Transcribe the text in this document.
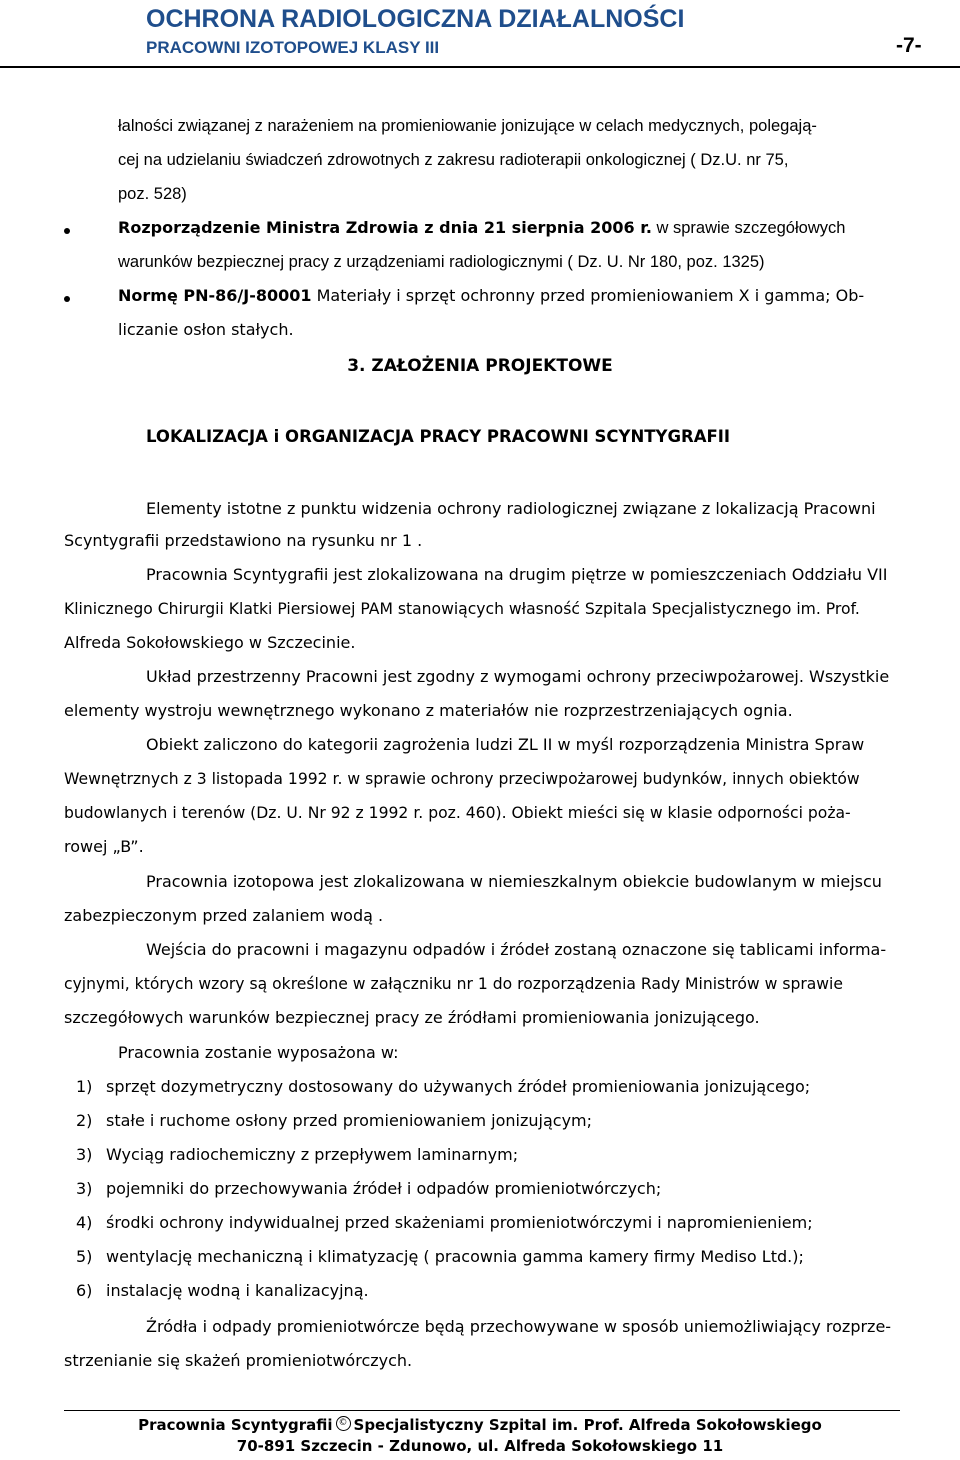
OCHRONA RADIOLOGICZNA DZIAŁALNOŚCI
PRACOWNI IZOTOPOWEJ KLASY III	-7-
łalności związanej z narażeniem na promieniowanie jonizujące w celach medycznych, polegają-
cej na udzielaniu świadczeń zdrowotnych z zakresu radioterapii onkologicznej ( Dz.U. nr 75,
poz. 528)
Rozporządzenie Ministra Zdrowia z dnia 21 sierpnia 2006 r. w sprawie szczegółowych
warunków bezpiecznej pracy z urządzeniami radiologicznymi ( Dz. U. Nr 180, poz. 1325)
Normę PN-86/J-80001 Materiały i sprzęt ochronny przed promieniowaniem X i gamma; Ob-
liczanie osłon stałych.
3. ZAŁOŻENIA PROJEKTOWE
LOKALIZACJA i ORGANIZACJA PRACY PRACOWNI SCYNTYGRAFII
Elementy istotne z punktu widzenia ochrony radiologicznej związane z lokalizacją Pracowni
Scyntygrafii przedstawiono na rysunku nr 1 .
Pracownia Scyntygrafii jest zlokalizowana na drugim piętrze w pomieszczeniach Oddziału VII
Klinicznego Chirurgii Klatki Piersiowej PAM stanowiących własność Szpitala Specjalistycznego im. Prof.
Alfreda Sokołowskiego w Szczecinie.
Układ przestrzenny Pracowni jest zgodny z wymogami ochrony przeciwpożarowej. Wszystkie
elementy wystroju wewnętrznego wykonano z materiałów nie rozprzestrzeniających ognia.
Obiekt zaliczono do kategorii zagrożenia ludzi ZL II w myśl rozporządzenia Ministra Spraw
Wewnętrznych z 3 listopada 1992 r. w sprawie ochrony przeciwpożarowej budynków, innych obiektów
budowlanych i terenów (Dz. U. Nr 92 z 1992 r. poz. 460). Obiekt mieści się w klasie odporności poża-
rowej „B”.
Pracownia izotopowa jest zlokalizowana w niemieszkalnym obiekcie budowlanym w miejscu
zabezpieczonym przed zalaniem wodą .
Wejścia do pracowni i magazynu odpadów i źródeł zostaną oznaczone się tablicami informa-
cyjnymi, których wzory są określone w załączniku nr 1 do rozporządzenia Rady Ministrów w sprawie
szczegółowych warunków bezpiecznej pracy ze źródłami promieniowania jonizującego.
Pracownia zostanie wyposażona w:
1) sprzęt dozymetryczny dostosowany do używanych źródeł promieniowania jonizującego;
2) stałe i ruchome osłony przed promieniowaniem jonizującym;
3) Wyciąg radiochemiczny z przepływem laminarnym;
3) pojemniki do przechowywania źródeł i odpadów promieniotwórczych;
4) środki ochrony indywidualnej przed skażeniami promieniotwórczymi i napromienieniem;
5) wentylację mechaniczną i klimatyzację ( pracownia gamma kamery firmy Mediso Ltd.);
6) instalację wodną i kanalizacyjną.
Źródła i odpady promieniotwórcze będą przechowywane w sposób uniemożliwiający rozprze-
strzenianie się skażeń promieniotwórczych.
Pracownia Scyntygrafii © Specjalistyczny Szpital im. Prof. Alfreda Sokołowskiego
70-891 Szczecin - Zdunowo, ul. Alfreda Sokołowskiego 11
